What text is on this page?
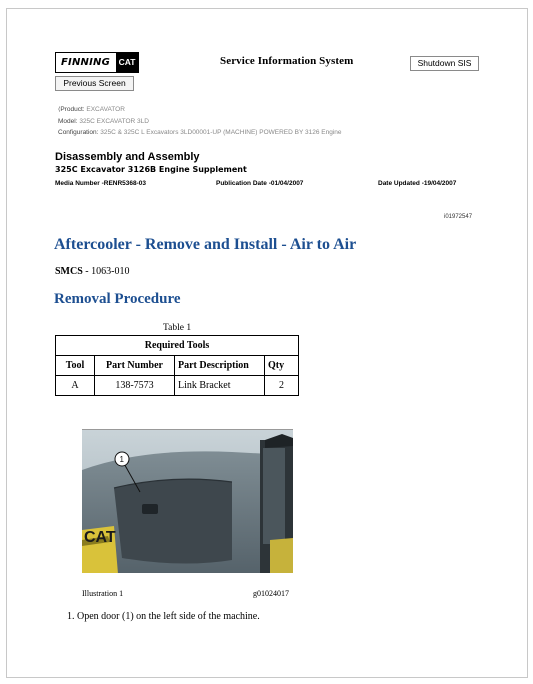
FINNING	CAT
Previous Screen
Service Information System	Shutdown SIS
⟨Product: EXCAVATOR
Model: 325C EXCAVATOR 3LD
Configuration: 325C & 325C L Excavators 3LD00001-UP (MACHINE) POWERED BY 3126 Engine
Disassembly and Assembly
325C Excavator 3126B Engine Supplement
Media Number -RENR5368-03	Publication Date -01/04/2007	Date Updated -19/04/2007
i01972547
Aftercooler - Remove and Install - Air to Air
SMCS - 1063-010
Removal Procedure
Table 1
Required Tools			
Tool	Part Number	Part Description	Qty
A	138-7573	Link Bracket	2
CAT
1
Illustration 1	g01024017
1. Open door (1) on the left side of the machine.
